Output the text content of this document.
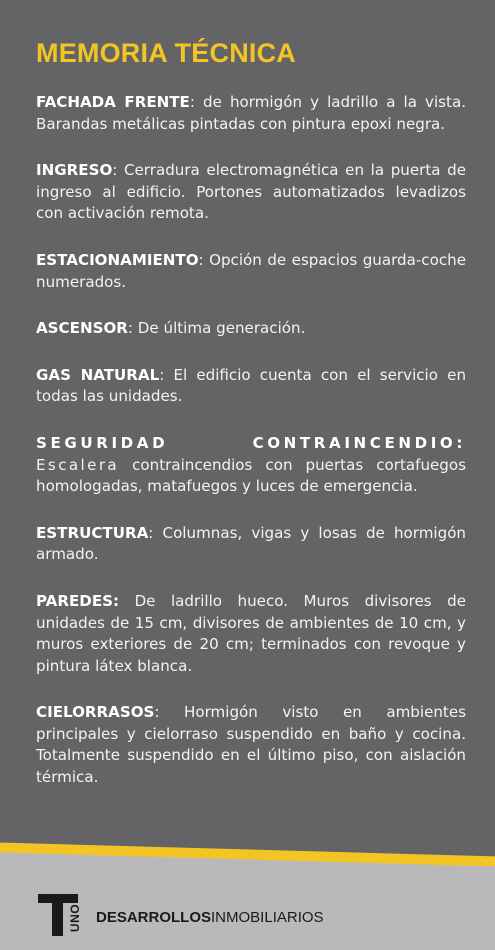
MEMORIA TÉCNICA

FACHADA FRENTE: de hormigón y ladrillo a la vista. Barandas metálicas pintadas con pintura epoxi negra.

INGRESO: Cerradura electromagnética en la puerta de ingreso al edificio. Portones automatizados levadizos con activación remota.

ESTACIONAMIENTO: Opción de espacios guarda-coche numerados.

ASCENSOR: De última generación.

GAS NATURAL: El edificio cuenta con el servicio en todas las unidades.

SEGURIDAD CONTRAINCENDIO: Escalera contraincendios con puertas cortafuegos homologadas, matafuegos y luces de emergencia.

ESTRUCTURA: Columnas, vigas y losas de hormigón armado.

PAREDES: De ladrillo hueco. Muros divisores de unidades de 15 cm, divisores de ambientes de 10 cm, y muros exteriores de 20 cm; terminados con revoque y pintura látex blanca.

CIELORRASOS: Hormigón visto en ambientes principales y cielorraso suspendido en baño y cocina. Totalmente suspendido en el último piso, con aislación térmica.

UNO DESARROLLOSINMOBILIARIOS
